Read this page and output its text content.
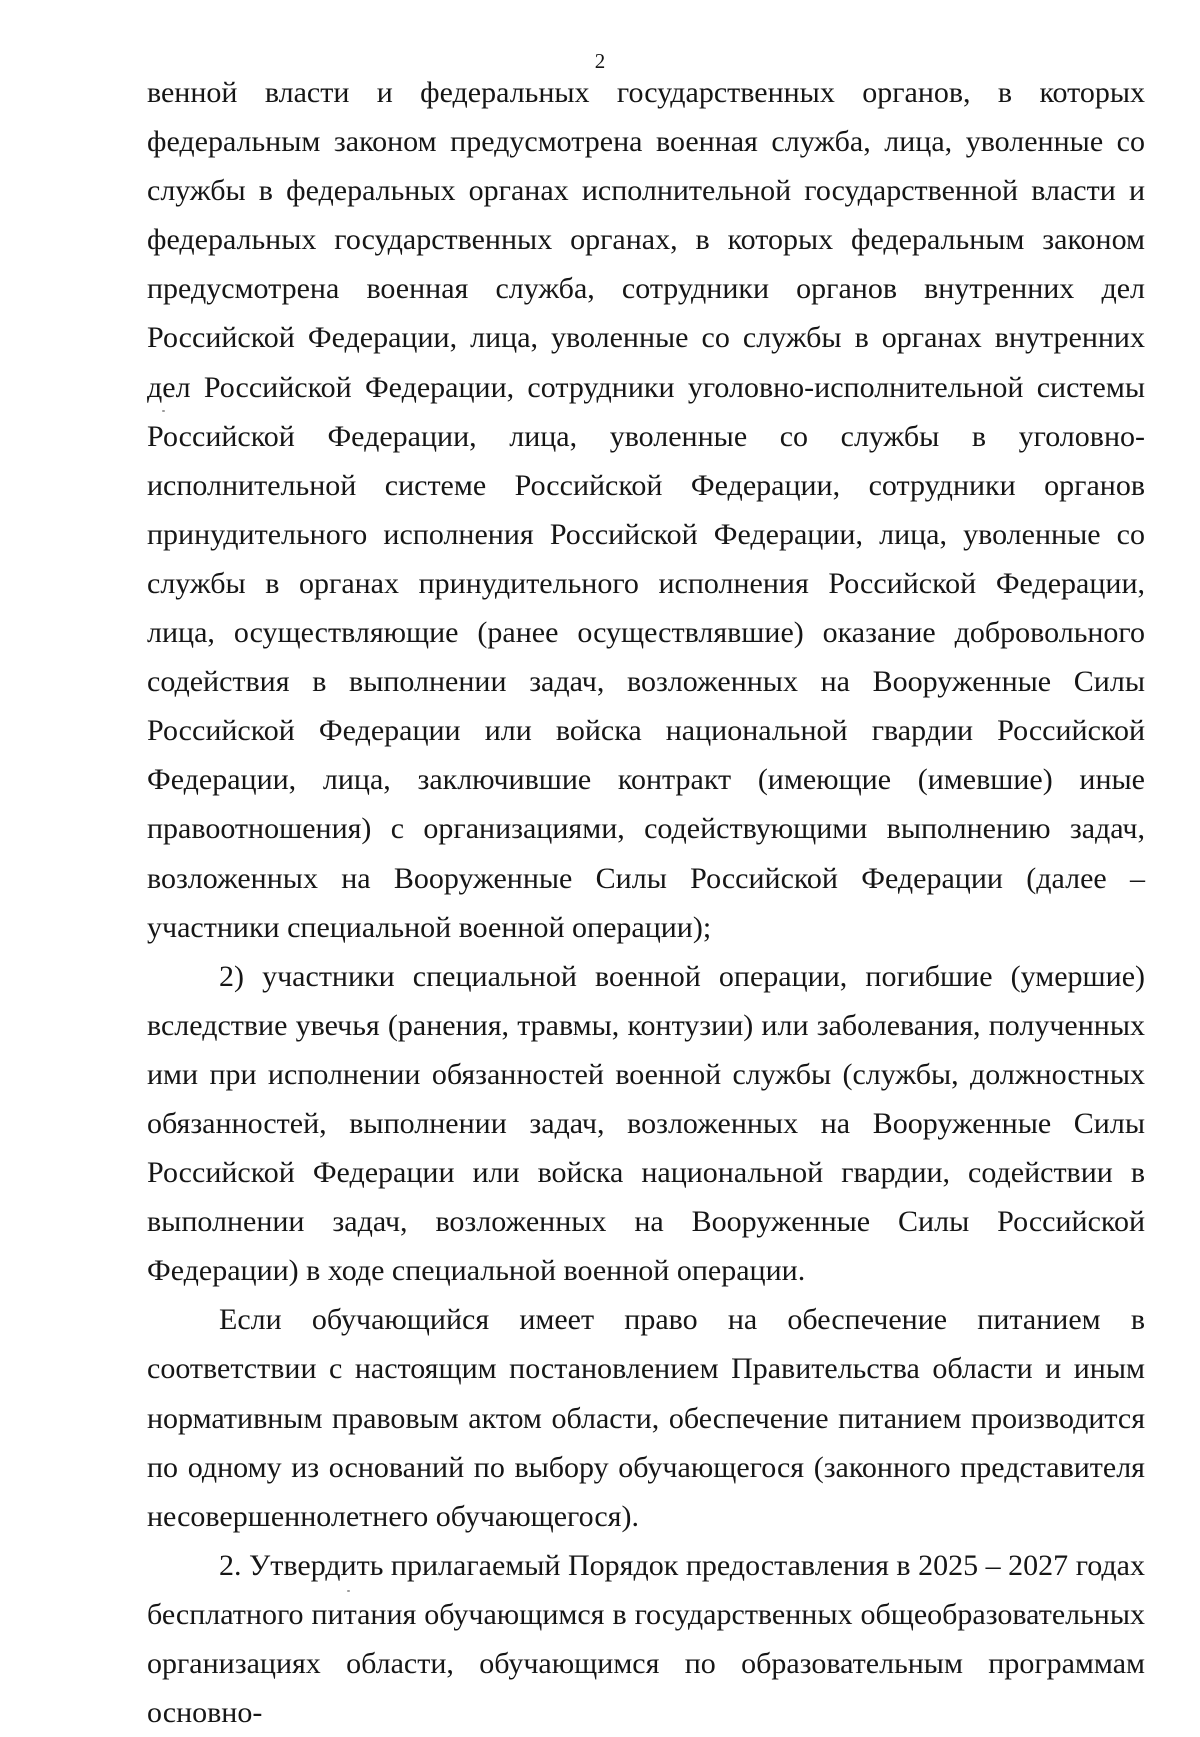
2

венной власти и федеральных государственных органов, в которых федеральным законом предусмотрена военная служба, лица, уволенные со службы в федеральных органах исполнительной государственной власти и федеральных государственных органах, в которых федеральным законом предусмотрена военная служба, сотрудники органов внутренних дел Российской Федерации, лица, уволенные со службы в органах внутренних дел Российской Федерации, сотрудники уголовно-исполнительной системы Российской Федерации, лица, уволенные со службы в уголовно-исполнительной системе Российской Федерации, сотрудники органов принудительного исполнения Российской Федерации, лица, уволенные со службы в органах принудительного исполнения Российской Федерации, лица, осуществляющие (ранее осуществлявшие) оказание добровольного содействия в выполнении задач, возложенных на Вооруженные Силы Российской Федерации или войска национальной гвардии Российской Федерации, лица, заключившие контракт (имеющие (имевшие) иные правоотношения) с организациями, содействующими выполнению задач, возложенных на Вооруженные Силы Российской Федерации (далее – участники специальной военной операции);

2) участники специальной военной операции, погибшие (умершие) вследствие увечья (ранения, травмы, контузии) или заболевания, полученных ими при исполнении обязанностей военной службы (службы, должностных обязанностей, выполнении задач, возложенных на Вооруженные Силы Российской Федерации или войска национальной гвардии, содействии в выполнении задач, возложенных на Вооруженные Силы Российской Федерации) в ходе специальной военной операции.

Если обучающийся имеет право на обеспечение питанием в соответствии с настоящим постановлением Правительства области и иным нормативным правовым актом области, обеспечение питанием производится по одному из оснований по выбору обучающегося (законного представителя несовершеннолетнего обучающегося).

2. Утвердить прилагаемый Порядок предоставления в 2025 – 2027 годах бесплатного питания обучающимся в государственных общеобразовательных организациях области, обучающимся по образовательным программам основно-
